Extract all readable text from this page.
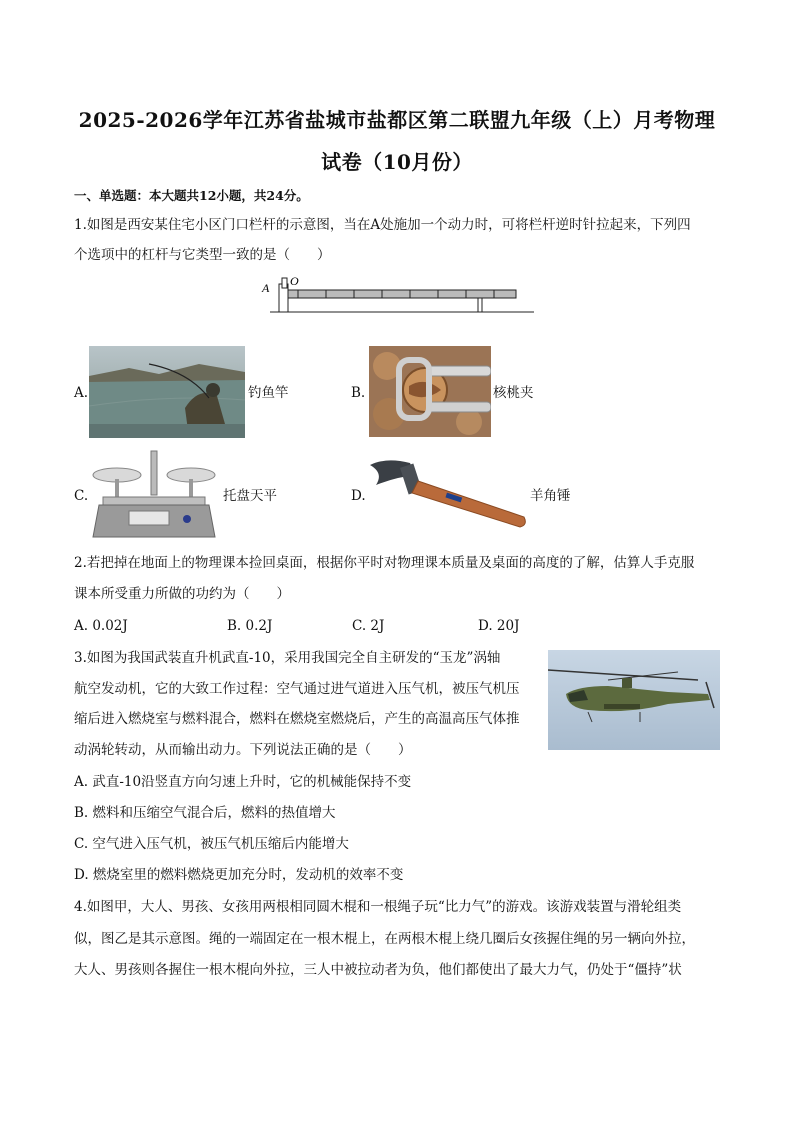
2025-2026学年江苏省盐城市盐都区第二联盟九年级（上）月考物理
试卷（10月份）
一、单选题：本大题共12小题，共24分。
1.如图是西安某住宅小区门口栏杆的示意图，当在A处施加一个动力时，可将栏杆逆时针拉起来，下列四
个选项中的杠杆与它类型一致的是（　　）
A O
A.	钓鱼竿	B.	核桃夹
C.	托盘天平	D.	羊角锤
2.若把掉在地面上的物理课本捡回桌面，根据你平时对物理课本质量及桌面的高度的了解，估算人手克服
课本所受重力所做的功约为（　　）
A. 0.02J	B. 0.2J	C. 2J	D. 20J
3.如图为我国武装直升机武直-10，采用我国完全自主研发的“玉龙”涡轴
航空发动机，它的大致工作过程：空气通过进气道进入压气机，被压气机压
缩后进入燃烧室与燃料混合，燃料在燃烧室燃烧后，产生的高温高压气体推
动涡轮转动，从而输出动力。下列说法正确的是（　　）
A. 武直-10沿竖直方向匀速上升时，它的机械能保持不变
B. 燃料和压缩空气混合后，燃料的热值增大
C. 空气进入压气机，被压气机压缩后内能增大
D. 燃烧室里的燃料燃烧更加充分时，发动机的效率不变
4.如图甲，大人、男孩、女孩用两根相同圆木棍和一根绳子玩“比力气”的游戏。该游戏装置与滑轮组类
似，图乙是其示意图。绳的一端固定在一根木棍上，在两根木棍上绕几圈后女孩握住绳的另一辆向外拉，
大人、男孩则各握住一根木棍向外拉，三人中被拉动者为负，他们都使出了最大力气，仍处于“僵持”状
